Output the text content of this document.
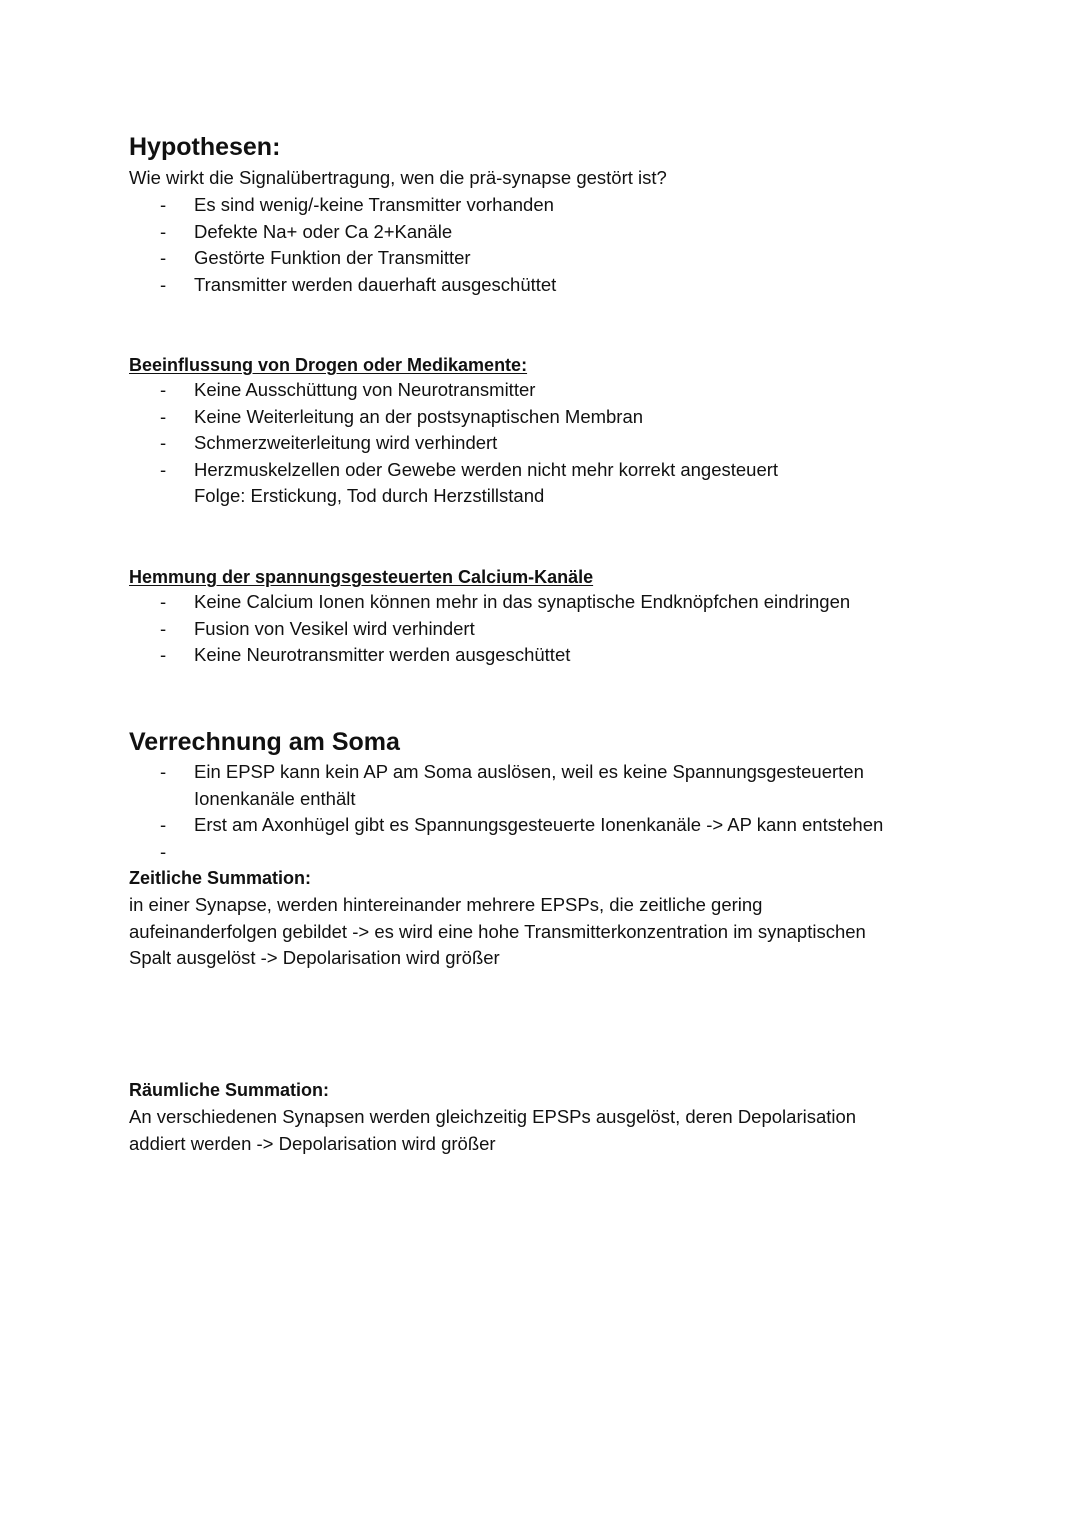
Hypothesen:
Wie wirkt die Signalübertragung, wen die prä-synapse gestört ist?
- Es sind wenig/-keine Transmitter vorhanden
- Defekte Na+ oder Ca 2+Kanäle
- Gestörte Funktion der Transmitter
- Transmitter werden dauerhaft ausgeschüttet
Beeinflussung von Drogen oder Medikamente:
- Keine Ausschüttung von Neurotransmitter
- Keine Weiterleitung an der postsynaptischen Membran
- Schmerzweiterleitung wird verhindert
- Herzmuskelzellen oder Gewebe werden nicht mehr korrekt angesteuert
Folge: Erstickung, Tod durch Herzstillstand
Hemmung der spannungsgesteuerten Calcium-Kanäle
- Keine Calcium Ionen können mehr in das synaptische Endknöpfchen eindringen
- Fusion von Vesikel wird verhindert
- Keine Neurotransmitter werden ausgeschüttet
Verrechnung am Soma
- Ein EPSP kann kein AP am Soma auslösen, weil es keine Spannungsgesteuerten
Ionenkanäle enthält
- Erst am Axonhügel gibt es Spannungsgesteuerte Ionenkanäle -> AP kann entstehen
-
Zeitliche Summation:
in einer Synapse, werden hintereinander mehrere EPSPs, die zeitliche gering
aufeinanderfolgen gebildet -> es wird eine hohe Transmitterkonzentration im synaptischen
Spalt ausgelöst -> Depolarisation wird größer
Räumliche Summation:
An verschiedenen Synapsen werden gleichzeitig EPSPs ausgelöst, deren Depolarisation
addiert werden -> Depolarisation wird größer
